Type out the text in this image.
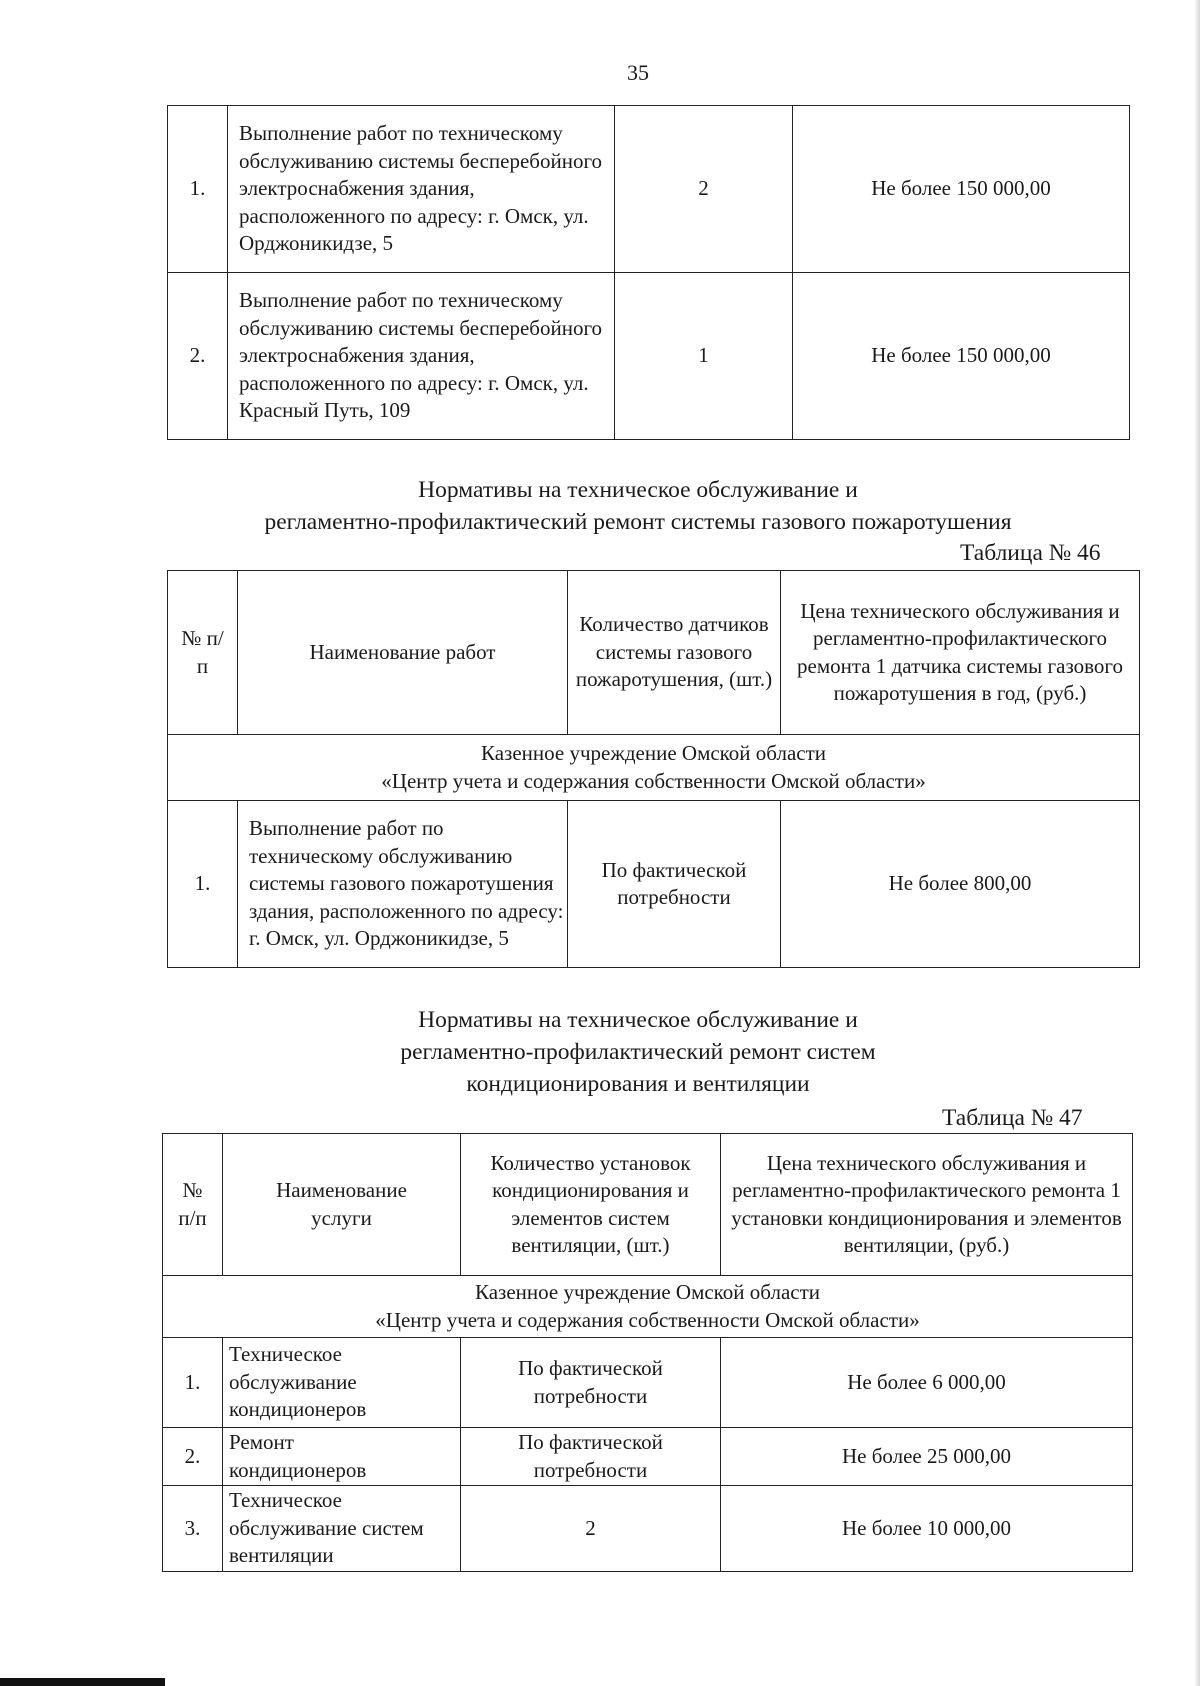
35
1.	Выполнение работ по техническому обслуживанию системы бесперебойного электроснабжения здания, расположенного по адресу: г. Омск, ул. Орджоникидзе, 5	2	Не более 150 000,00
2.	Выполнение работ по техническому обслуживанию системы бесперебойного электроснабжения здания, расположенного по адресу: г. Омск, ул. Красный Путь, 109	1	Не более 150 000,00
Нормативы на техническое обслуживание и
регламентно-профилактический ремонт системы газового пожаротушения
Таблица № 46
№ п/п	Наименование работ	Количество датчиков системы газового пожаротушения, (шт.)	Цена технического обслуживания и регламентно-профилактического ремонта 1 датчика системы газового пожаротушения в год, (руб.)

Казенное учреждение Омской области
«Центр учета и содержания собственности Омской области»			

1.	Выполнение работ по техническому обслуживанию системы газового пожаротушения здания, расположенного по адресу: г. Омск, ул. Орджоникидзе, 5	По фактической потребности	Не более 800,00
Нормативы на техническое обслуживание и
регламентно-профилактический ремонт систем
кондиционирования и вентиляции
Таблица № 47
№ п/п	Наименование услуги	Количество установок кондиционирования и элементов систем вентиляции, (шт.)	Цена технического обслуживания и регламентно-профилактического ремонта 1 установки кондиционирования и элементов вентиляции, (руб.)

Казенное учреждение Омской области
«Центр учета и содержания собственности Омской области»			

1.	Техническое обслуживание кондиционеров	По фактической потребности	Не более 6 000,00
2.	Ремонт кондиционеров	По фактической потребности	Не более 25 000,00
3.	Техническое обслуживание систем вентиляции	2	Не более 10 000,00
